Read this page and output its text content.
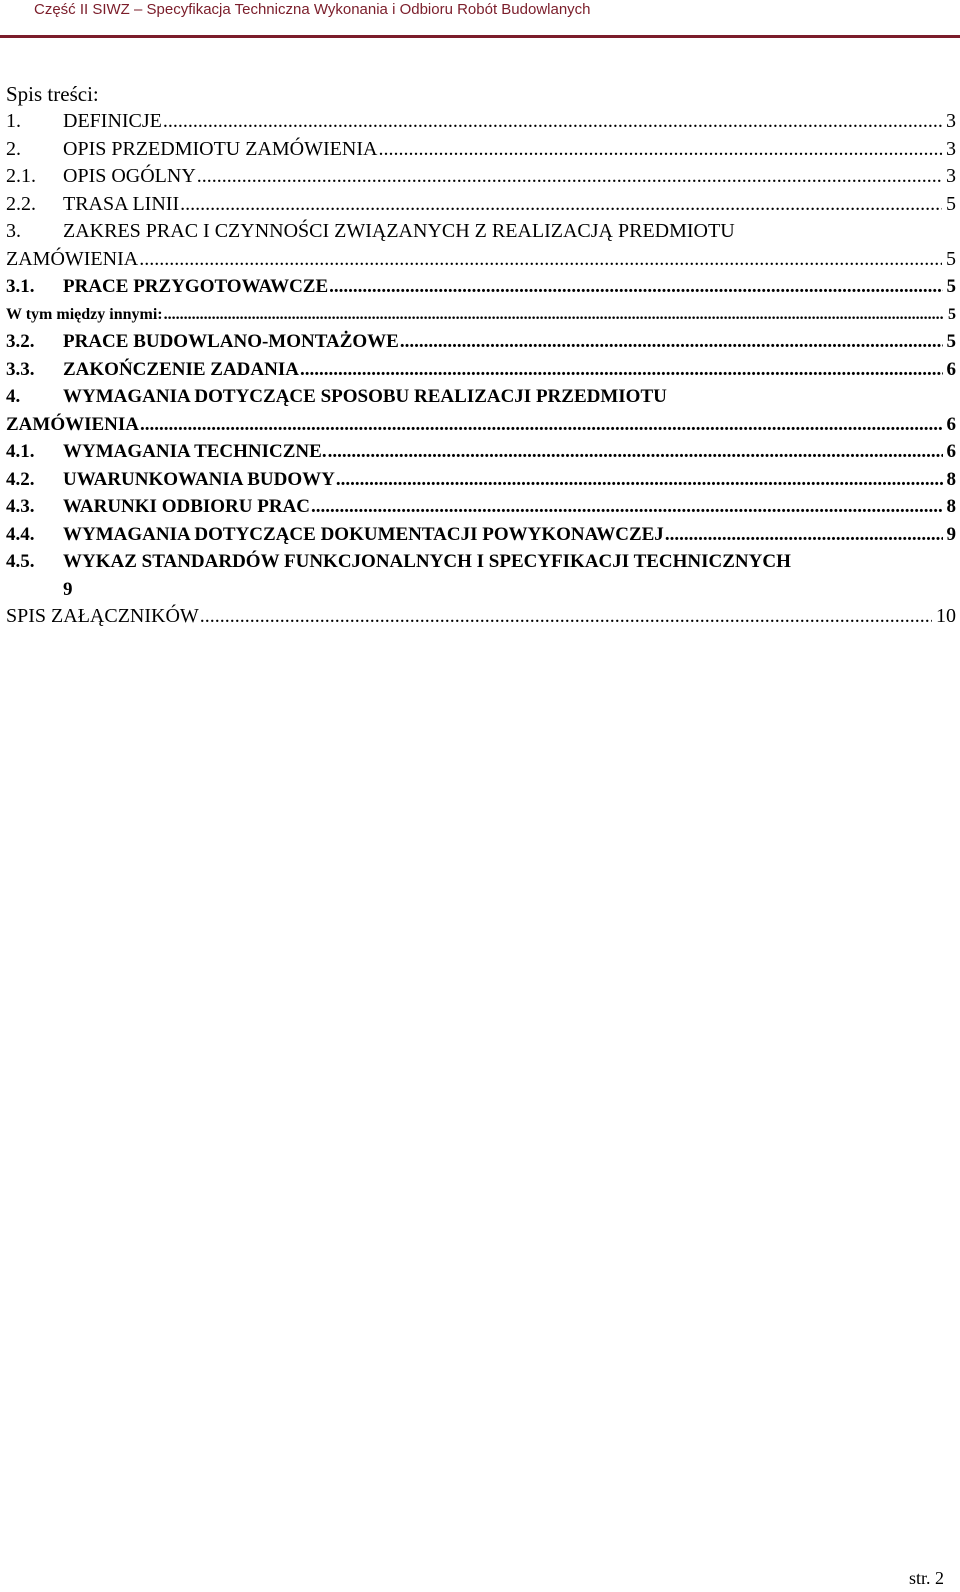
Część II SIWZ – Specyfikacja Techniczna Wykonania i Odbioru Robót Budowlanych
Spis treści:
1.	DEFINICJE .....	3
2.	OPIS PRZEDMIOTU ZAMÓWIENIA .....	3
2.1.	OPIS OGÓLNY .....	3
2.2.	TRASA LINII .....	5
3.	ZAKRES PRAC I CZYNNOŚCI ZWIĄZANYCH Z REALIZACJĄ PREDMIOTU
ZAMÓWIENIA .....	5
3.1.	PRACE PRZYGOTOWAWCZE .....	5
W tym między innymi: .....	5
3.2.	PRACE BUDOWLANO-MONTAŻOWE .....	5
3.3.	ZAKOŃCZENIE ZADANIA .....	6
4.	WYMAGANIA DOTYCZĄCE SPOSOBU REALIZACJI PRZEDMIOTU
ZAMÓWIENIA .....	6
4.1.	WYMAGANIA TECHNICZNE. .....	6
4.2.	UWARUNKOWANIA BUDOWY .....	8
4.3.	WARUNKI ODBIORU PRAC .....	8
4.4.	WYMAGANIA DOTYCZĄCE DOKUMENTACJI POWYKONAWCZEJ .....	9
4.5.	WYKAZ STANDARDÓW FUNKCJONALNYCH I SPECYFIKACJI TECHNICZNYCH
9
SPIS ZAŁĄCZNIKÓW .....	10
str. 2
